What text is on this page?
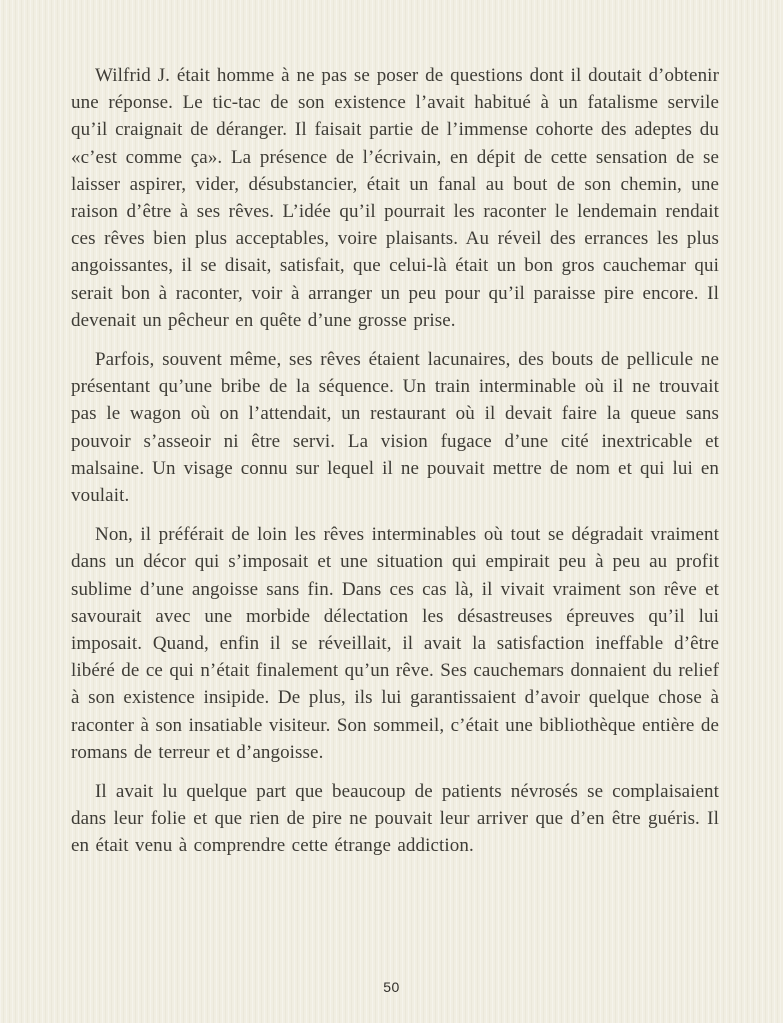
Wilfrid J. était homme à ne pas se poser de questions dont il doutait d’obtenir une réponse. Le tic-tac de son existence l’avait habitué à un fatalisme servile qu’il craignait de déranger. Il faisait partie de l’immense cohorte des adeptes du «c’est comme ça». La présence de l’écrivain, en dépit de cette sensation de se laisser aspirer, vider, désubstancier, était un fanal au bout de son chemin, une raison d’être à ses rêves. L’idée qu’il pourrait les raconter le lendemain rendait ces rêves bien plus acceptables, voire plaisants. Au réveil des errances les plus angoissantes, il se disait, satisfait, que celui-là était un bon gros cauchemar qui serait bon à raconter, voir à arranger un peu pour qu’il paraisse pire encore. Il devenait un pêcheur en quête d’une grosse prise.

Parfois, souvent même, ses rêves étaient lacunaires, des bouts de pellicule ne présentant qu’une bribe de la séquence. Un train interminable où il ne trouvait pas le wagon où on l’attendait, un restaurant où il devait faire la queue sans pouvoir s’asseoir ni être servi. La vision fugace d’une cité inextricable et malsaine. Un visage connu sur lequel il ne pouvait mettre de nom et qui lui en voulait.

Non, il préférait de loin les rêves interminables où tout se dégradait vraiment dans un décor qui s’imposait et une situation qui empirait peu à peu au profit sublime d’une angoisse sans fin. Dans ces cas là, il vivait vraiment son rêve et savourait avec une morbide délectation les désastreuses épreuves qu’il lui imposait. Quand, enfin il se réveillait, il avait la satisfaction ineffable d’être libéré de ce qui n’était finalement qu’un rêve. Ses cauchemars donnaient du relief à son existence insipide. De plus, ils lui garantissaient d’avoir quelque chose à raconter à son insatiable visiteur. Son sommeil, c’était une bibliothèque entière de romans de terreur et d’angoisse.

Il avait lu quelque part que beaucoup de patients névrosés se complaisaient dans leur folie et que rien de pire ne pouvait leur arriver que d’en être guéris. Il en était venu à comprendre cette étrange addiction.

50
